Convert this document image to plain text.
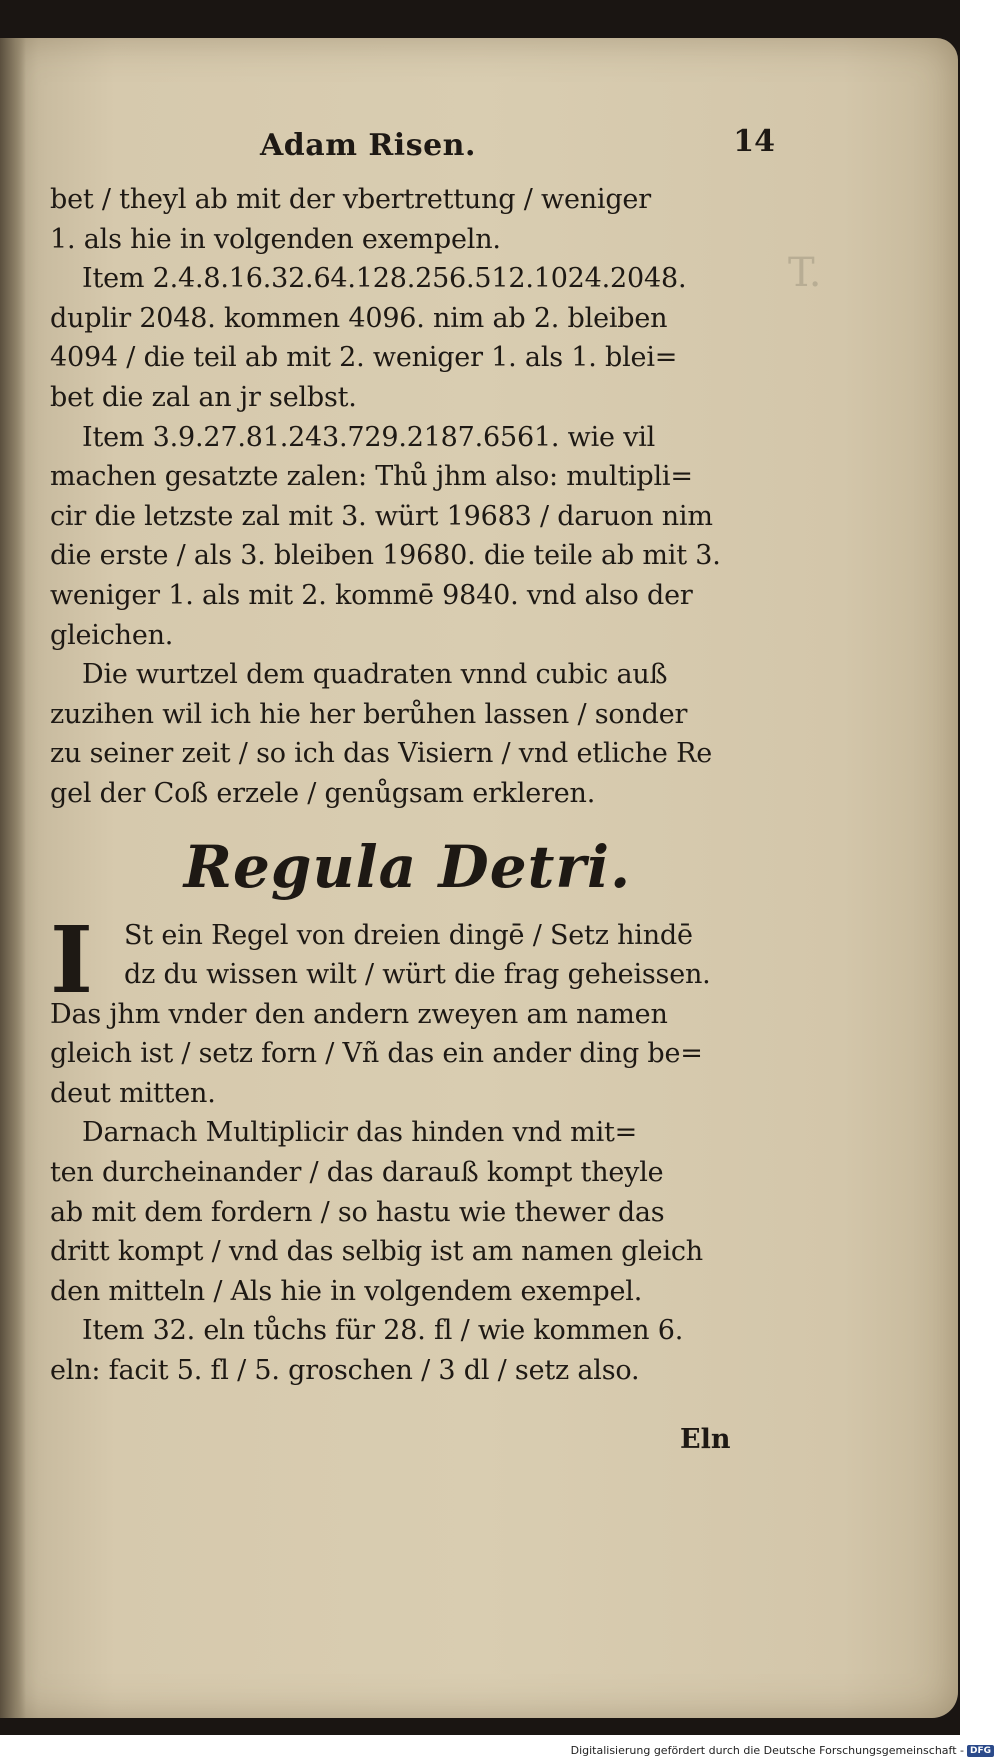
T.
Adam Risen.	14
bet / theyl ab mit der vbertrettung / weniger
1. als hie in volgenden exempeln.
Item 2.4.8.16.32.64.128.256.512.1024.2048.
duplir 2048. kommen 4096. nim ab 2. bleiben
4094 / die teil ab mit 2. weniger 1. als 1. blei=
bet die zal an jr selbst.
Item 3.9.27.81.243.729.2187.6561. wie vil
machen gesatzte zalen: Thů jhm also: multipli=
cir die letzste zal mit 3. würt 19683 / daruon nim
die erste / als 3. bleiben 19680. die teile ab mit 3.
weniger 1. als mit 2. kommē 9840. vnd also der
gleichen.
Die wurtzel dem quadraten vnnd cubic auß
zuzihen wil ich hie her berůhen lassen / sonder
zu seiner zeit / so ich das Visiern / vnd etliche Re
gel der Coß erzele / genůgsam erkleren.
Regula Detri.
I St ein Regel von dreien dingē / Setz hindē
dz du wissen wilt / würt die frag geheissen.
Das jhm vnder den andern zweyen am namen
gleich ist / setz forn / Vñ das ein ander ding be=
deut mitten.
Darnach Multiplicir das hinden vnd mit=
ten durcheinander / das darauß kompt theyle
ab mit dem fordern / so hastu wie thewer das
dritt kompt / vnd das selbig ist am namen gleich
den mitteln / Als hie in volgendem exempel.
Item 32. eln tůchs für 28. fl / wie kommen 6.
eln: facit 5. fl / 5. groschen / 3 dl / setz also.
Eln
Digitalisierung gefördert durch die Deutsche Forschungsgemeinschaft - DFG
